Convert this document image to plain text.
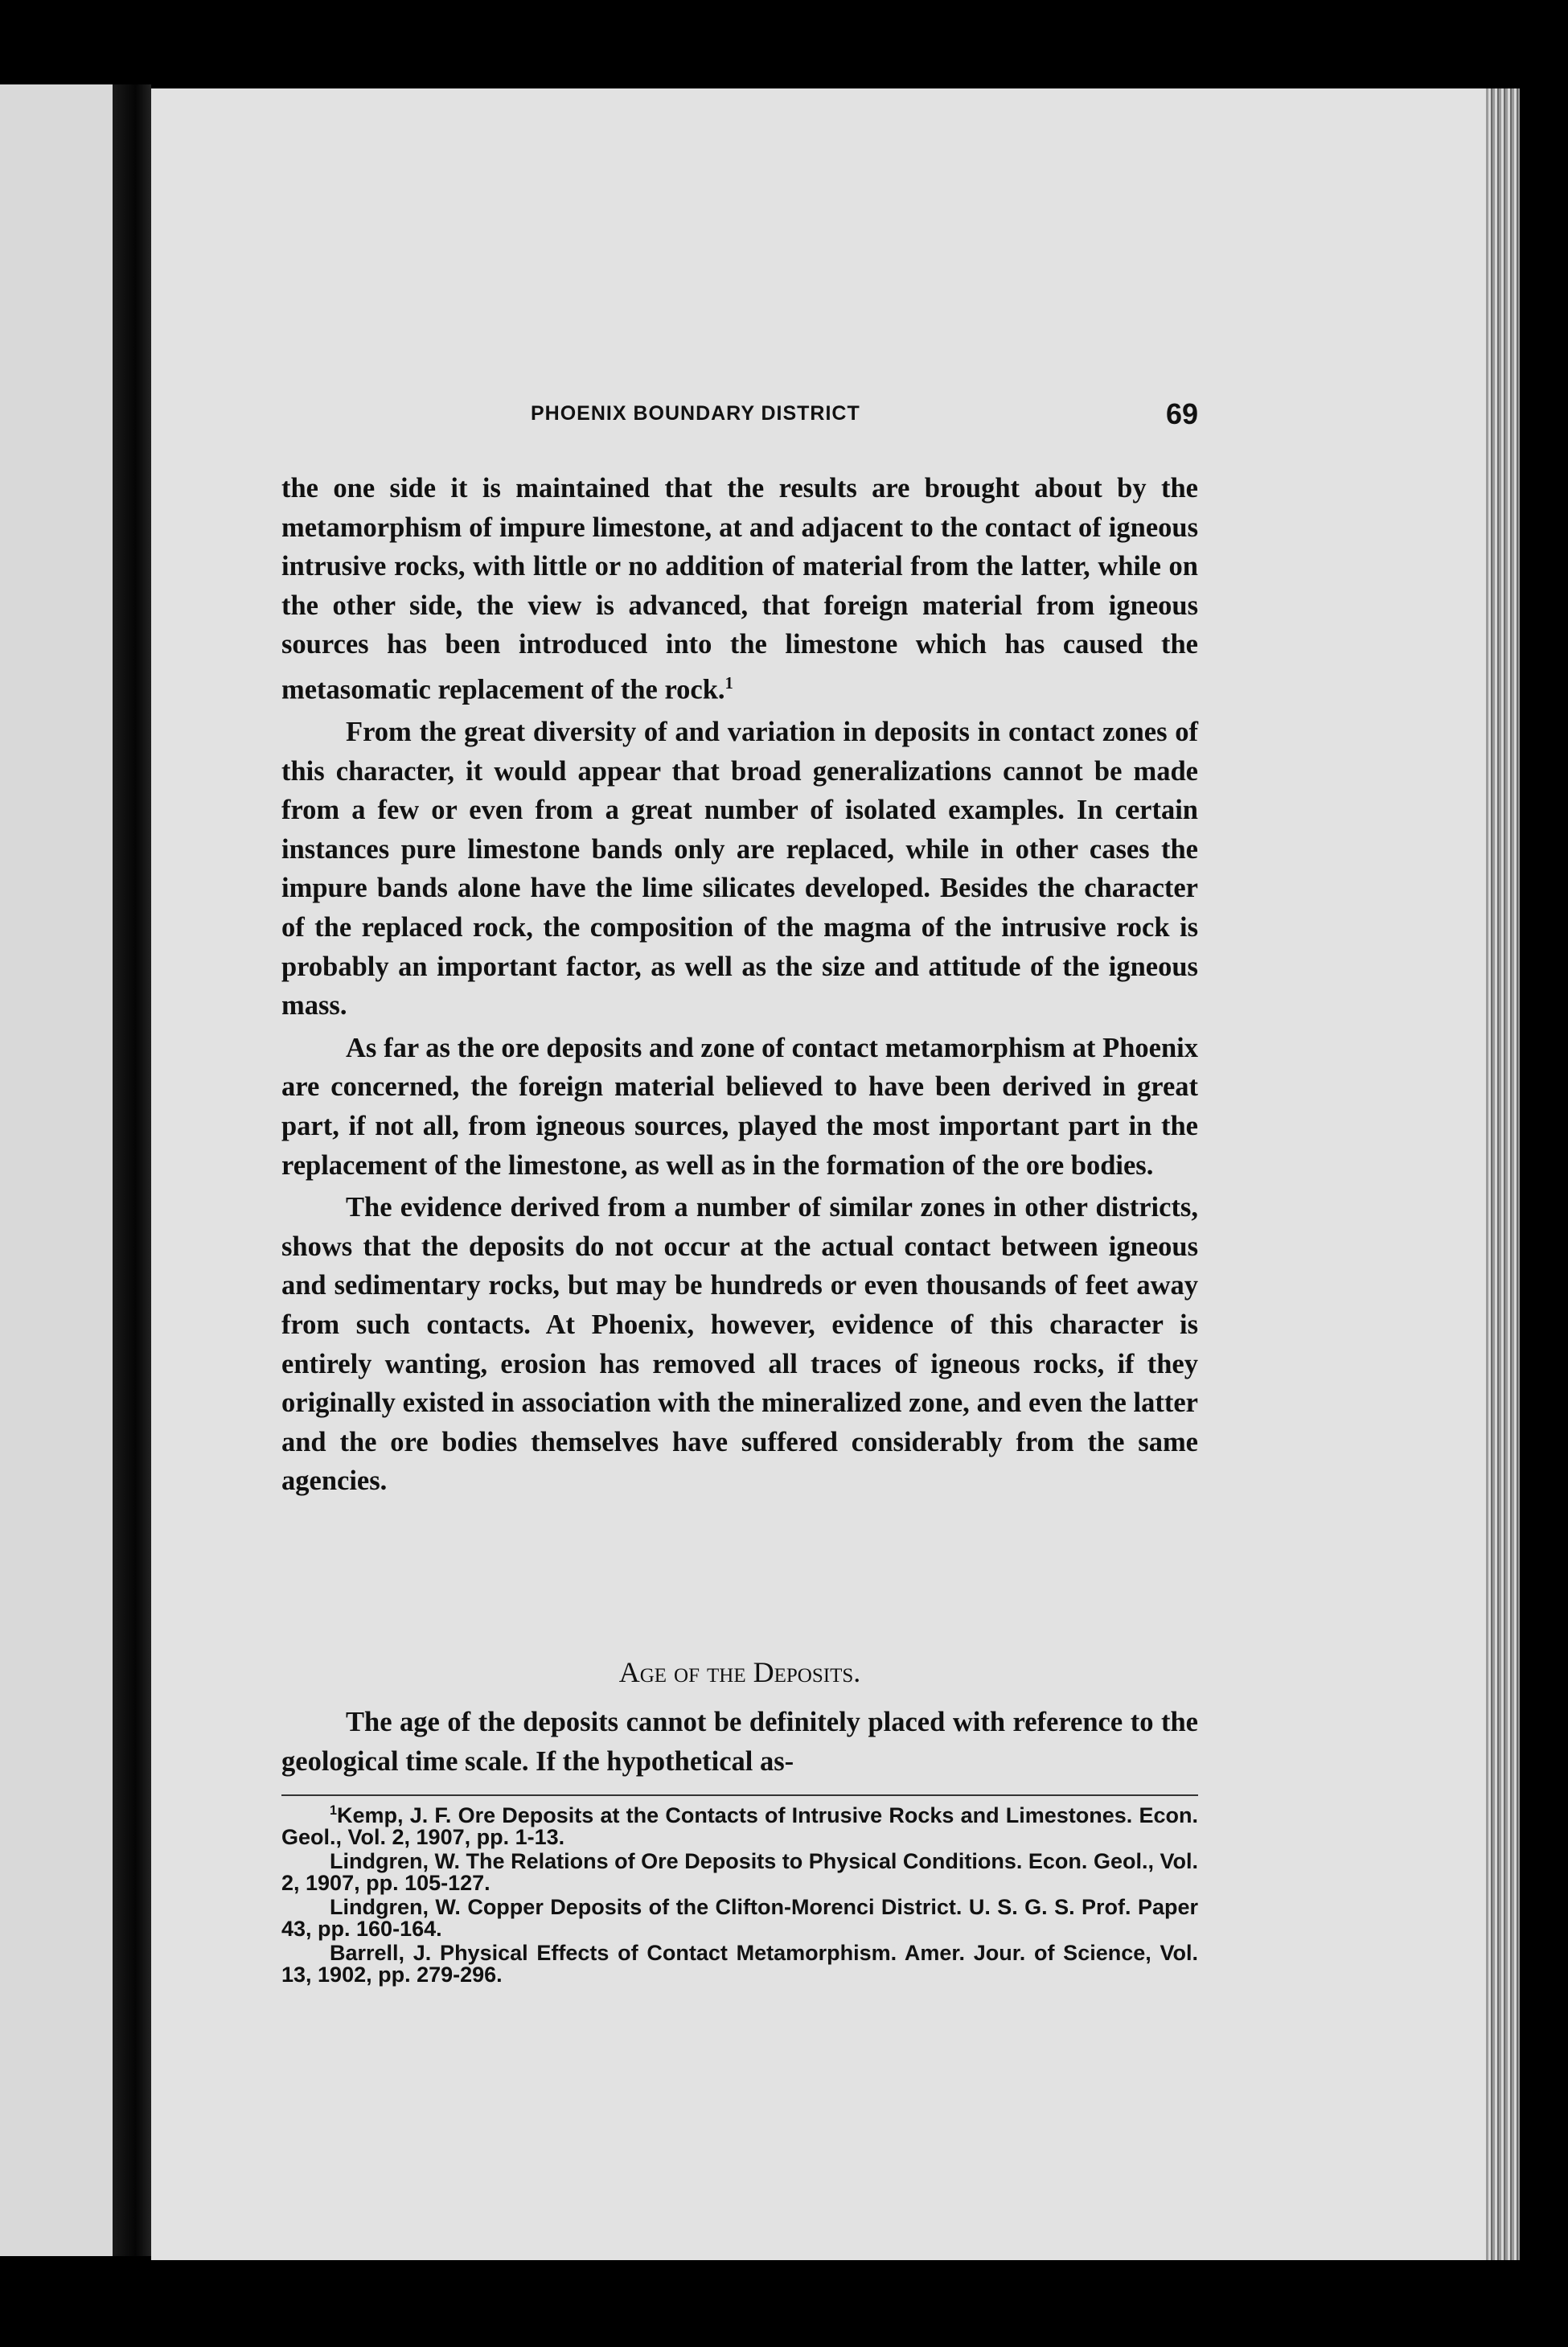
PHOENIX BOUNDARY DISTRICT	69

the one side it is maintained that the results are brought about by the metamorphism of impure limestone, at and adjacent to the contact of igneous intrusive rocks, with little or no addition of material from the latter, while on the other side, the view is advanced, that foreign material from igneous sources has been introduced into the limestone which has caused the metasomatic replacement of the rock.$^1$

From the great diversity of and variation in deposits in contact zones of this character, it would appear that broad generalizations cannot be made from a few or even from a great number of isolated examples. In certain instances pure limestone bands only are replaced, while in other cases the impure bands alone have the lime silicates developed. Besides the character of the replaced rock, the composition of the magma of the intrusive rock is probably an important factor, as well as the size and attitude of the igneous mass.

As far as the ore deposits and zone of contact metamorphism at Phoenix are concerned, the foreign material believed to have been derived in great part, if not all, from igneous sources, played the most important part in the replacement of the limestone, as well as in the formation of the ore bodies.

The evidence derived from a number of similar zones in other districts, shows that the deposits do not occur at the actual contact between igneous and sedimentary rocks, but may be hundreds or even thousands of feet away from such contacts. At Phoenix, however, evidence of this character is entirely wanting, erosion has removed all traces of igneous rocks, if they originally existed in association with the mineralized zone, and even the latter and the ore bodies themselves have suffered considerably from the same agencies.

Age of the Deposits.

The age of the deposits cannot be definitely placed with reference to the geological time scale. If the hypothetical as-

$^1$Kemp, J. F. Ore Deposits at the Contacts of Intrusive Rocks and Limestones. Econ. Geol., Vol. 2, 1907, pp. 1-13.

Lindgren, W. The Relations of Ore Deposits to Physical Conditions. Econ. Geol., Vol. 2, 1907, pp. 105-127.

Lindgren, W. Copper Deposits of the Clifton-Morenci District. U. S. G. S. Prof. Paper 43, pp. 160-164.

Barrell, J. Physical Effects of Contact Metamorphism. Amer. Jour. of Science, Vol. 13, 1902, pp. 279-296.
